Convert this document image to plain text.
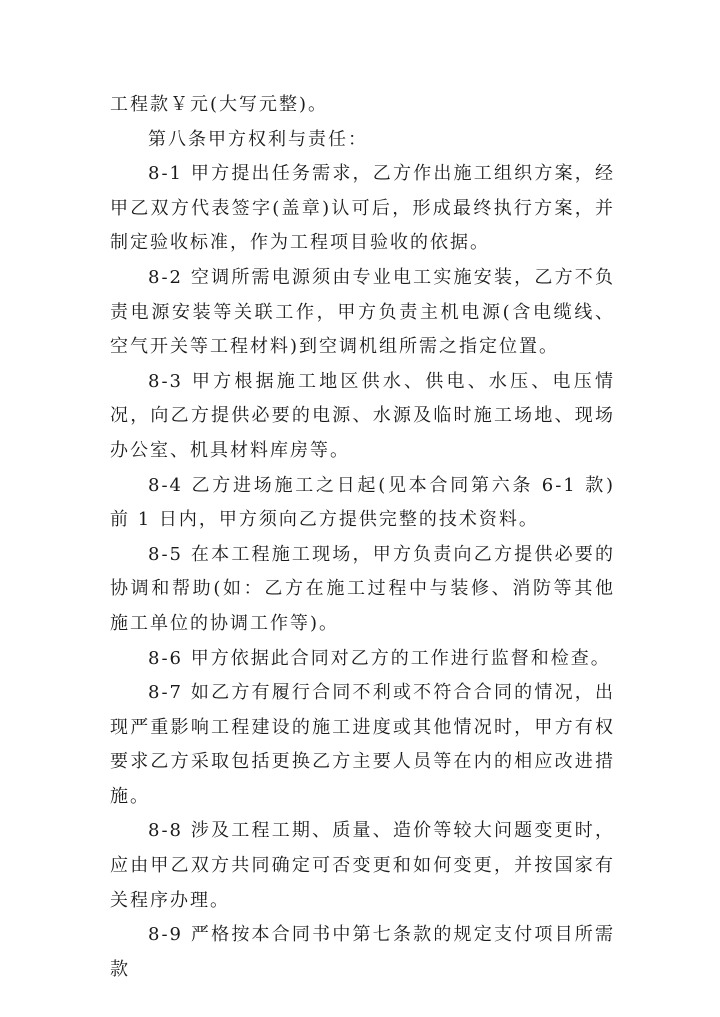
工程款￥元(大写元整)。

第八条甲方权利与责任：

8-1 甲方提出任务需求，乙方作出施工组织方案，经甲乙双方代表签字(盖章)认可后，形成最终执行方案，并制定验收标准，作为工程项目验收的依据。

8-2 空调所需电源须由专业电工实施安装，乙方不负责电源安装等关联工作，甲方负责主机电源(含电缆线、空气开关等工程材料)到空调机组所需之指定位置。

8-3 甲方根据施工地区供水、供电、水压、电压情况，向乙方提供必要的电源、水源及临时施工场地、现场办公室、机具材料库房等。

8-4 乙方进场施工之日起(见本合同第六条 6-1 款)前 1 日内，甲方须向乙方提供完整的技术资料。

8-5 在本工程施工现场，甲方负责向乙方提供必要的协调和帮助(如：乙方在施工过程中与装修、消防等其他施工单位的协调工作等)。

8-6 甲方依据此合同对乙方的工作进行监督和检查。

8-7 如乙方有履行合同不利或不符合合同的情况，出现严重影响工程建设的施工进度或其他情况时，甲方有权要求乙方采取包括更换乙方主要人员等在内的相应改进措施。

8-8 涉及工程工期、质量、造价等较大问题变更时，应由甲乙双方共同确定可否变更和如何变更，并按国家有关程序办理。

8-9 严格按本合同书中第七条款的规定支付项目所需款
